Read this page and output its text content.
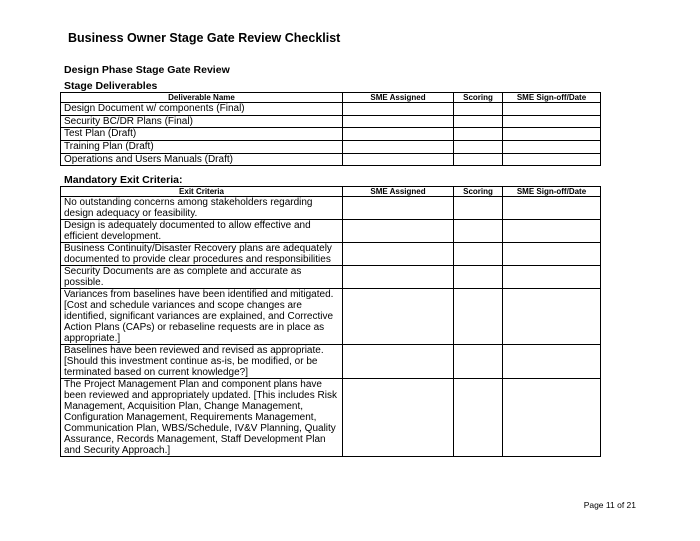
Business Owner Stage Gate Review Checklist
Design Phase Stage Gate Review
Stage Deliverables
Deliverable Name	SME Assigned	Scoring	SME Sign-off/Date
Design Document w/ components (Final)			
Security BC/DR Plans (Final)			
Test Plan (Draft)			
Training Plan (Draft)			
Operations and Users Manuals (Draft)			
Mandatory Exit Criteria:
Exit Criteria	SME Assigned	Scoring	SME Sign-off/Date
No outstanding concerns among stakeholders regarding design adequacy or feasibility.			
Design is adequately documented to allow effective and efficient development.			
Business Continuity/Disaster Recovery plans are adequately documented to provide clear procedures and responsibilities			
Security Documents are as complete and accurate as possible.			
Variances from baselines have been identified and mitigated. [Cost and schedule variances and scope changes are identified, significant variances are explained, and Corrective Action Plans (CAPs) or rebaseline requests are in place as appropriate.]			
Baselines have been reviewed and revised as appropriate. [Should this investment continue as-is, be modified, or be terminated based on current knowledge?]			
The Project Management Plan and component plans have been reviewed and appropriately updated. [This includes Risk Management, Acquisition Plan, Change Management, Configuration Management, Requirements Management, Communication Plan, WBS/Schedule, IV&V Planning, Quality Assurance, Records Management, Staff Development Plan and Security Approach.]			

Page 11 of 21
